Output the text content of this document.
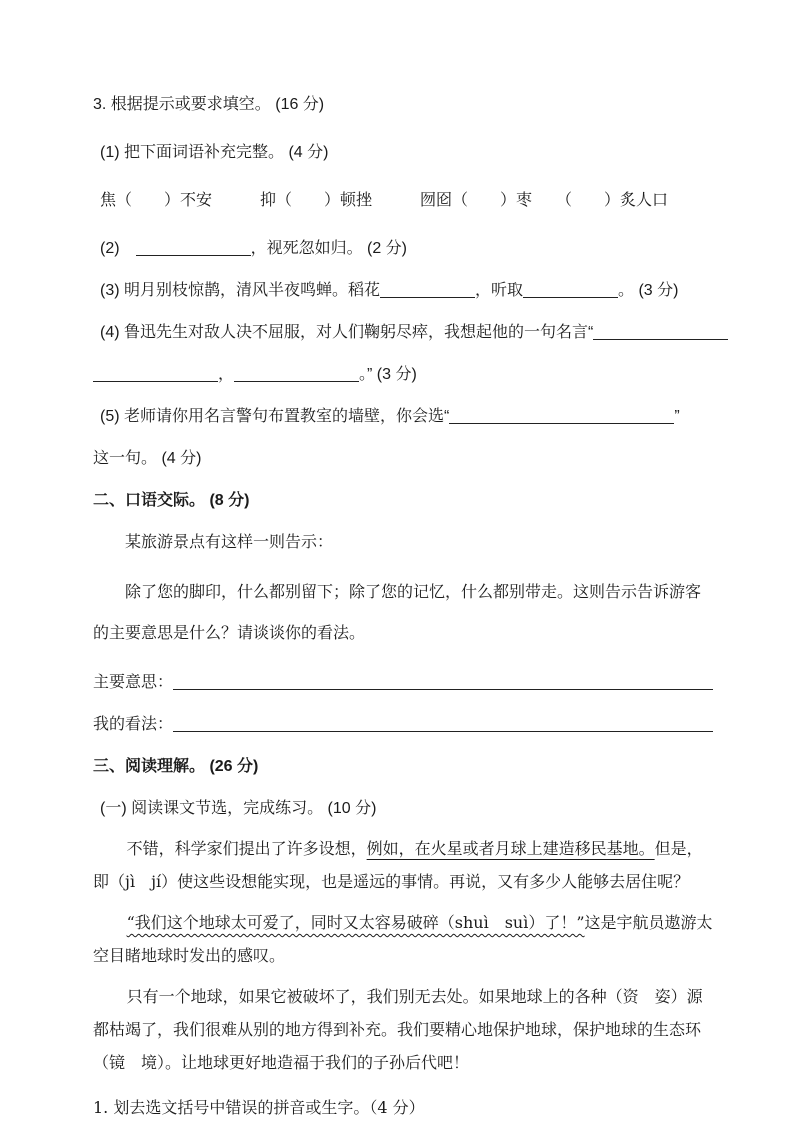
3. 根据提示或要求填空。 (16 分)
(1) 把下面词语补充完整。 (4 分)
焦（　　）不安　　　抑（　　）顿挫　　　囫囵（　　）枣　　（　　）炙人口
(2)　	，视死忽如归。 (2 分)
(3) 明月别枝惊鹊，清风半夜鸣蝉。稻花	，听取	。 (3 分)
(4) 鲁迅先生对敌人决不屈服，对人们鞠躬尽瘁，我想起他的一句名言“
，	。” (3 分)
(5) 老师请你用名言警句布置教室的墙壁，你会选“	”
这一句。 (4 分)
二、口语交际。 (8 分)
某旅游景点有这样一则告示：
除了您的脚印，什么都别留下；除了您的记忆，什么都别带走。这则告示告诉游客的主要意思是什么？请谈谈你的看法。
主要意思：
我的看法：
三、阅读理解。 (26 分)
(一) 阅读课文节选，完成练习。 (10 分)

不错，科学家们提出了许多设想，例如，在火星或者月球上建造移民基地。但是，即（jì　jí）使这些设想能实现，也是遥远的事情。再说，又有多少人能够去居住呢？

“我们这个地球太可爱了，同时又太容易破碎（shuì　suì）了！”这是宇航员遨游太空目睹地球时发出的感叹。

只有一个地球，如果它被破坏了，我们别无去处。如果地球上的各种（资　姿）源都枯竭了，我们很难从别的地方得到补充。我们要精心地保护地球，保护地球的生态环（镜　境）。让地球更好地造福于我们的子孙后代吧！

1. 划去选文括号中错误的拼音或生字。（4 分）
